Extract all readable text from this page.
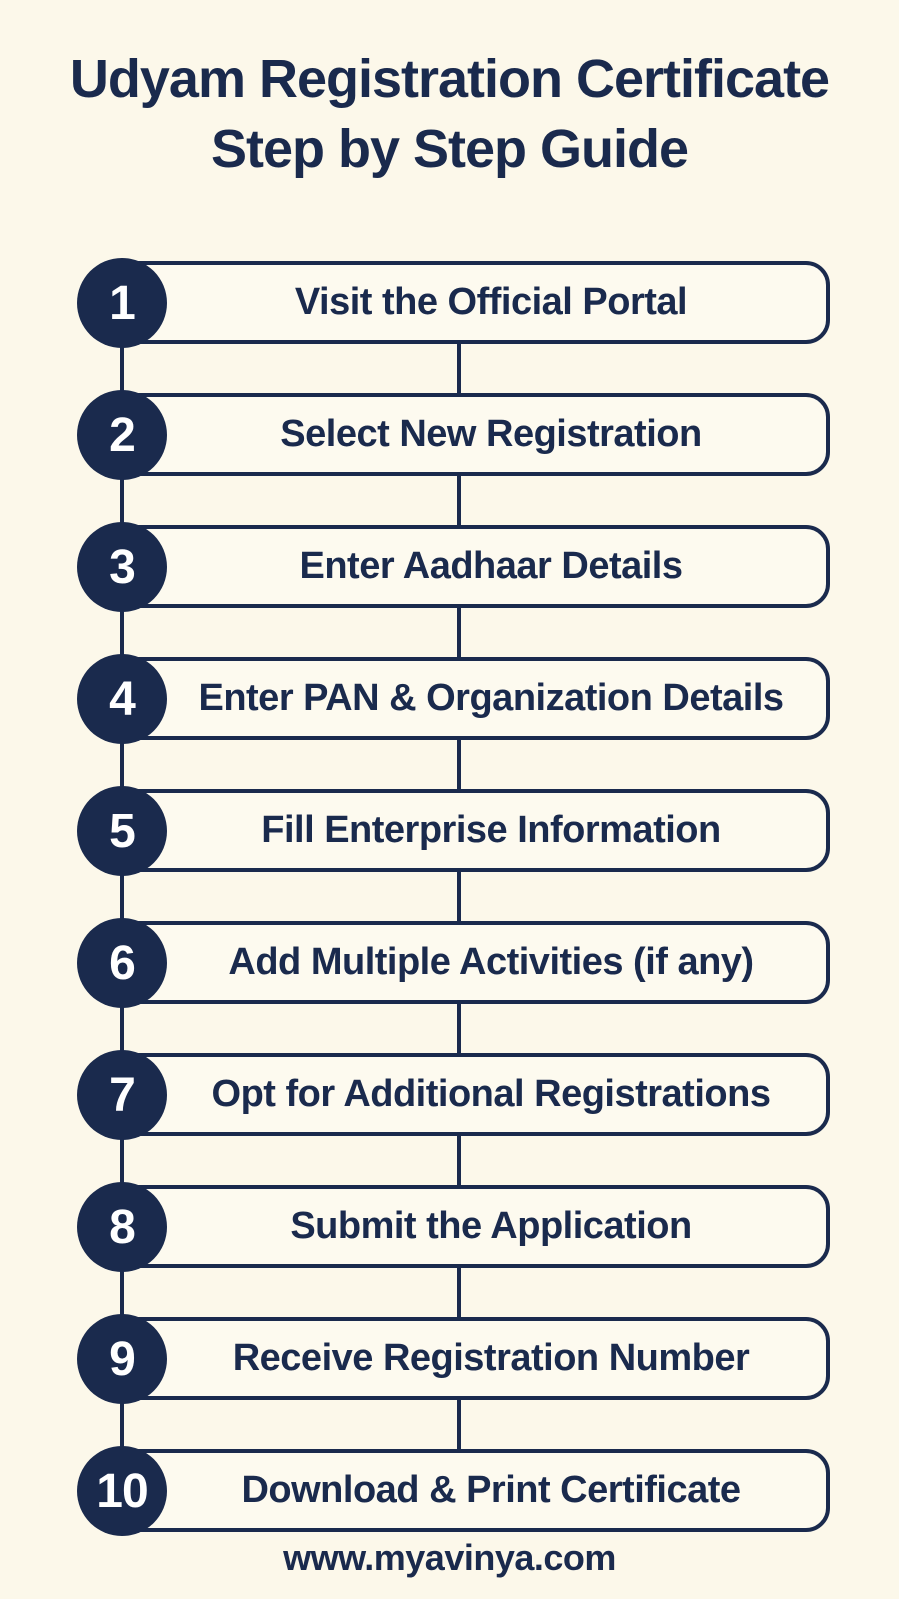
Udyam Registration Certificate
Step by Step Guide
Visit the Official Portal
1
Select New Registration
2
Enter Aadhaar Details
3
Enter PAN & Organization Details
4
Fill Enterprise Information
5
Add Multiple Activities (if any)
6
Opt for Additional Registrations
7
Submit the Application
8
Receive Registration Number
9
Download & Print Certificate
10
www.myavinya.com
